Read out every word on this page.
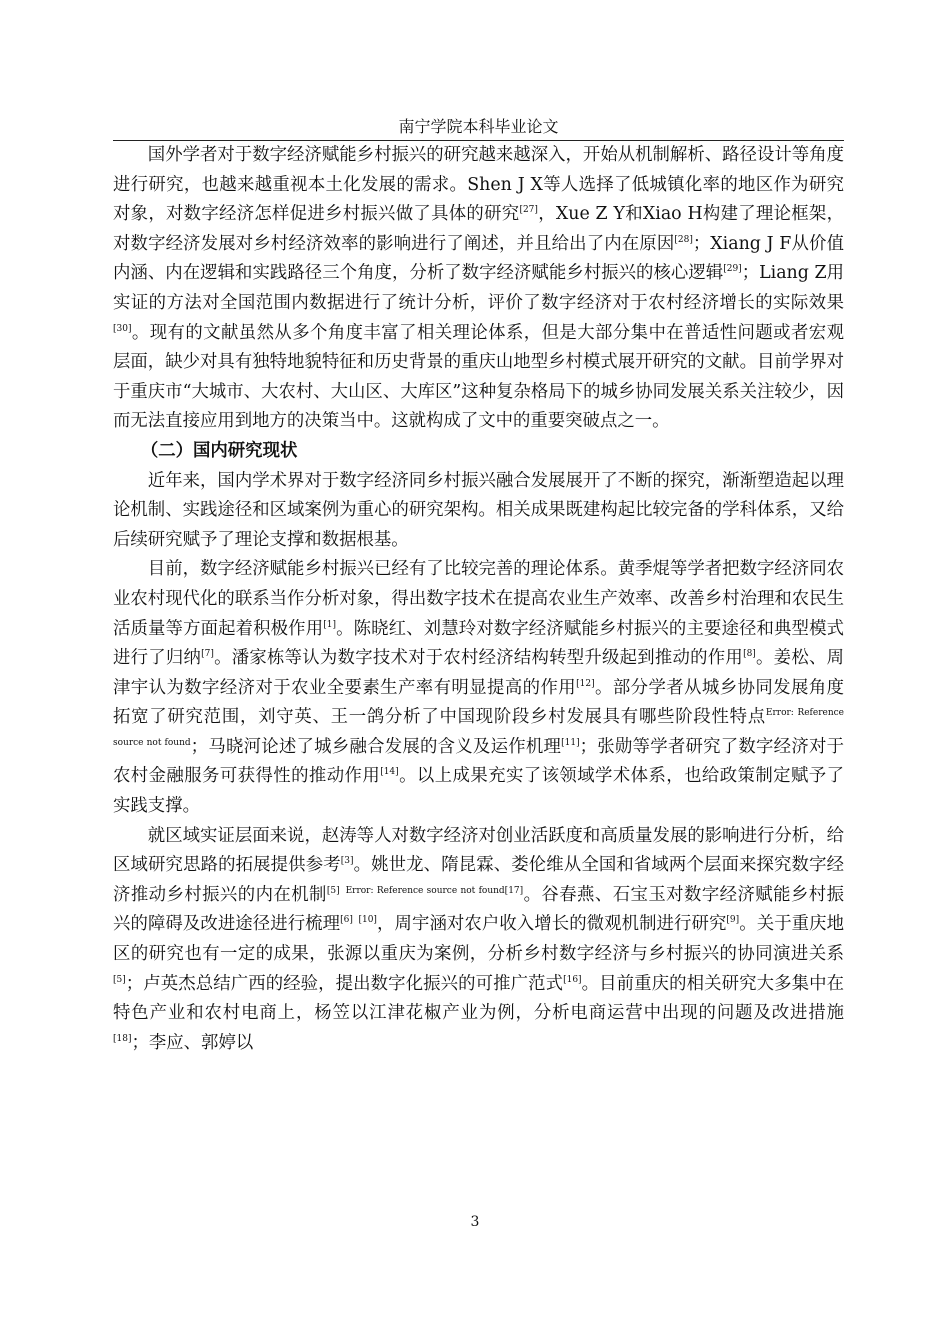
南宁学院本科毕业论文

国外学者对于数字经济赋能乡村振兴的研究越来越深入，开始从机制解析、路径设计等角度进行研究，也越来越重视本土化发展的需求。Shen J X等人选择了低城镇化率的地区作为研究对象，对数字经济怎样促进乡村振兴做了具体的研究[27]，Xue Z Y和Xiao H构建了理论框架，对数字经济发展对乡村经济效率的影响进行了阐述，并且给出了内在原因[28]；Xiang J F从价值内涵、内在逻辑和实践路径三个角度，分析了数字经济赋能乡村振兴的核心逻辑[29]；Liang Z用实证的方法对全国范围内数据进行了统计分析，评价了数字经济对于农村经济增长的实际效果[30]。现有的文献虽然从多个角度丰富了相关理论体系，但是大部分集中在普适性问题或者宏观层面，缺少对具有独特地貌特征和历史背景的重庆山地型乡村模式展开研究的文献。目前学界对于重庆市“大城市、大农村、大山区、大库区”这种复杂格局下的城乡协同发展关系关注较少，因而无法直接应用到地方的决策当中。这就构成了文中的重要突破点之一。

（二）国内研究现状

近年来，国内学术界对于数字经济同乡村振兴融合发展展开了不断的探究，渐渐塑造起以理论机制、实践途径和区域案例为重心的研究架构。相关成果既建构起比较完备的学科体系，又给后续研究赋予了理论支撑和数据根基。

目前，数字经济赋能乡村振兴已经有了比较完善的理论体系。黄季焜等学者把数字经济同农业农村现代化的联系当作分析对象，得出数字技术在提高农业生产效率、改善乡村治理和农民生活质量等方面起着积极作用[1]。陈晓红、刘慧玲对数字经济赋能乡村振兴的主要途径和典型模式进行了归纳[7]。潘家栋等认为数字技术对于农村经济结构转型升级起到推动的作用[8]。姜松、周津宇认为数字经济对于农业全要素生产率有明显提高的作用[12]。部分学者从城乡协同发展角度拓宽了研究范围，刘守英、王一鸽分析了中国现阶段乡村发展具有哪些阶段性特点$^{Error: Reference source not found}$；马晓河论述了城乡融合发展的含义及运作机理[11]；张勋等学者研究了数字经济对于农村金融服务可获得性的推动作用[14]。以上成果充实了该领域学术体系，也给政策制定赋予了实践支撑。

就区域实证层面来说，赵涛等人对数字经济对创业活跃度和高质量发展的影响进行分析，给区域研究思路的拓展提供参考[3]。姚世龙、隋昆霖、娄伦维从全国和省域两个层面来探究数字经济推动乡村振兴的内在机制[5] $^{Error: Reference source not found[17]}$。谷春燕、石宝玉对数字经济赋能乡村振兴的障碍及改进途径进行梳理[6] [10]，周宇涵对农户收入增长的微观机制进行研究[9]。关于重庆地区的研究也有一定的成果，张源以重庆为案例，分析乡村数字经济与乡村振兴的协同演进关系[5]；卢英杰总结广西的经验，提出数字化振兴的可推广范式[16]。目前重庆的相关研究大多集中在特色产业和农村电商上，杨笠以江津花椒产业为例，分析电商运营中出现的问题及改进措施[18]；李应、郭婷以

3
